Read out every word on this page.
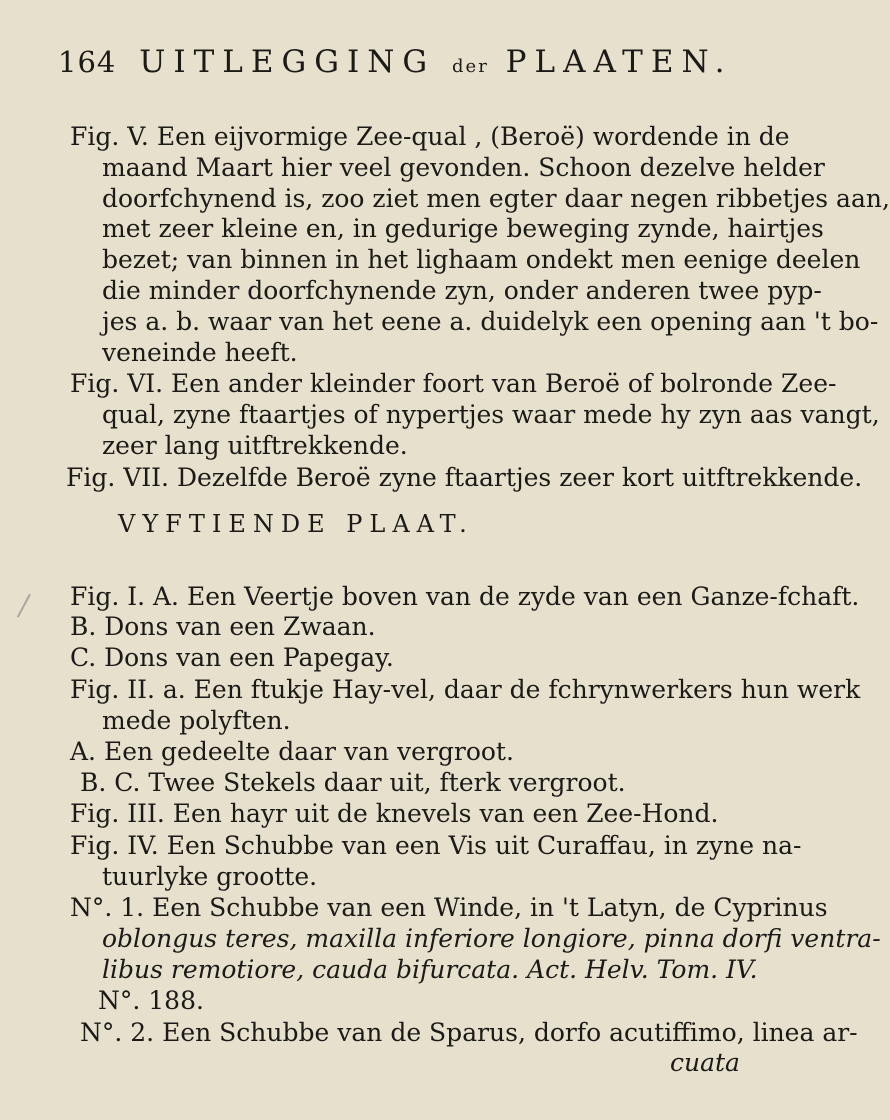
164 UITLEGGING der PLAATEN.
Fig. V. Een eijvormige Zee-qual , (Beroë) wordende in de
maand Maart hier veel gevonden. Schoon dezelve helder
doorfchynend is, zoo ziet men egter daar negen ribbetjes aan,
met zeer kleine en, in gedurige beweging zynde, hairtjes
bezet; van binnen in het lighaam ondekt men eenige deelen
die minder doorfchynende zyn, onder anderen twee pyp-
jes a. b. waar van het eene a. duidelyk een opening aan 't bo-
veneinde heeft.
Fig. VI. Een ander kleinder foort van Beroë of bolronde Zee-
qual, zyne ftaartjes of nypertjes waar mede hy zyn aas vangt,
zeer lang uitftrekkende.
Fig. VII. Dezelfde Beroë zyne ftaartjes zeer kort uitftrekkende.
VYFTIENDE PLAAT.
Fig. I. A. Een Veertje boven van de zyde van een Ganze-fchaft.
B. Dons van een Zwaan.
C. Dons van een Papegay.
Fig. II. a. Een ftukje Hay-vel, daar de fchrynwerkers hun werk
mede polyften.
A. Een gedeelte daar van vergroot.
B. C. Twee Stekels daar uit, fterk vergroot.
Fig. III. Een hayr uit de knevels van een Zee-Hond.
Fig. IV. Een Schubbe van een Vis uit Curaffau, in zyne na-
tuurlyke grootte.
N°. 1. Een Schubbe van een Winde, in 't Latyn, de Cyprinus
oblongus teres, maxilla inferiore longiore, pinna dorfi ventra-
libus remotiore, cauda bifurcata. Act. Helv. Tom. IV.
N°. 188.
N°. 2. Een Schubbe van de Sparus, dorfo acutiffimo, linea ar-
cuata
